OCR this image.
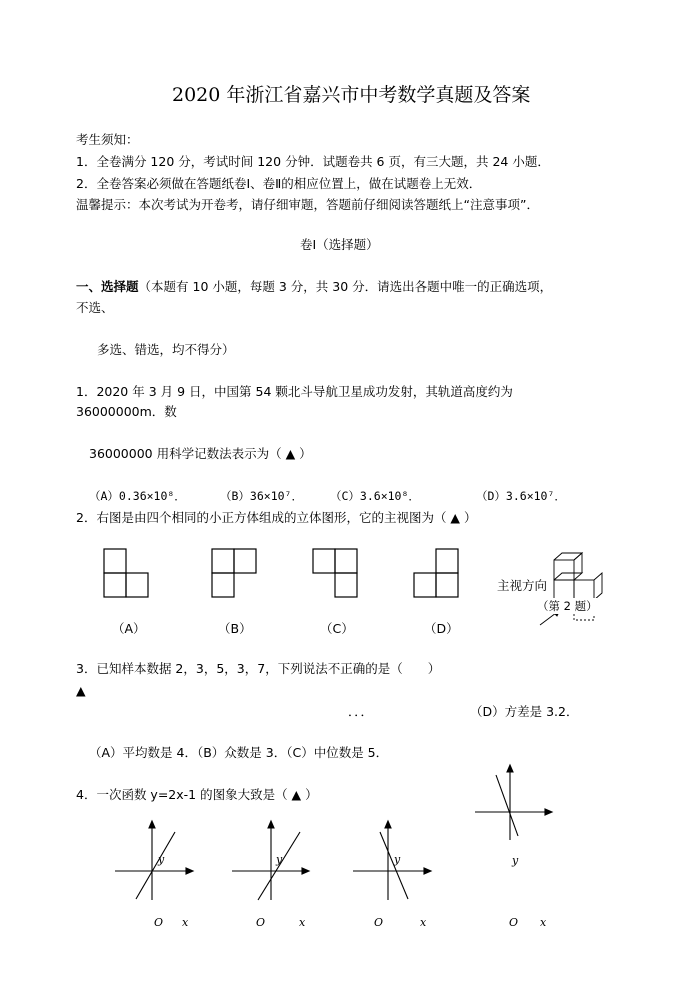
2020 年浙江省嘉兴市中考数学真题及答案
考生须知：
1．全卷满分 120 分，考试时间 120 分钟．试题卷共 6 页，有三大题，共 24 小题．
2．全卷答案必须做在答题纸卷Ⅰ、卷Ⅱ的相应位置上，做在试题卷上无效．
温馨提示：本次考试为开卷考，请仔细审题，答题前仔细阅读答题纸上“注意事项”．
卷Ⅰ（选择题）
一、选择题（本题有 10 小题，每题 3 分，共 30 分．请选出各题中唯一的正确选项，
不选、
多选、错选，均不得分）
1．2020 年 3 月 9 日，中国第 54 颗北斗导航卫星成功发射，其轨道高度约为
36000000m．数
36000000 用科学记数法表示为（ ▲ ）
（A）0.36×10⁸．	（B）36×10⁷． （C）3.6×10⁸．	（D）3.6×10⁷．
2．右图是由四个相同的小正方体组成的立体图形，它的主视图为（ ▲ ）
（A）	（B）	（C）	（D）
主视方向
（第 2 题）
3．已知样本数据 2，3，5，3，7，下列说法不正确的是（　　）
▲
．．．	（D）方差是 3.2．
（A）平均数是 4．（B）众数是 3．（C）中位数是 5．
4．一次函数 y=2x-1 的图象大致是（ ▲ ）
y	y	y	y
O x	O	x	O	x	O x
